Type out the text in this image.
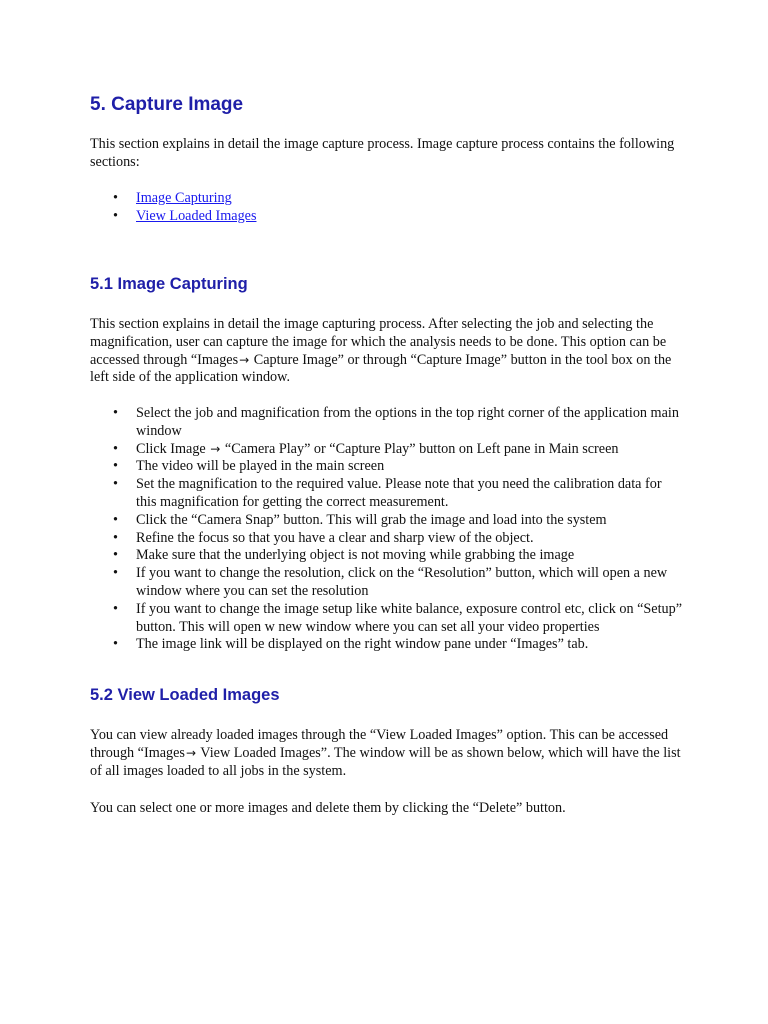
5. Capture Image

This section explains in detail the image capture process. Image capture process contains the following sections:

• Image Capturing
• View Loaded Images
5.1 Image Capturing

This section explains in detail the image capturing process. After selecting the job and selecting the magnification, user can capture the image for which the analysis needs to be done. This option can be accessed through “Images→ Capture Image” or through “Capture Image” button in the tool box on the left side of the application window.

• Select the job and magnification from the options in the top right corner of the application main window
• Click Image → “Camera Play” or “Capture Play” button on Left pane in Main screen
• The video will be played in the main screen
• Set the magnification to the required value. Please note that you need the calibration data for this magnification for getting the correct measurement.
• Click the “Camera Snap” button. This will grab the image and load into the system
• Refine the focus so that you have a clear and sharp view of the object.
• Make sure that the underlying object is not moving while grabbing the image
• If you want to change the resolution, click on the “Resolution” button, which will open a new window where you can set the resolution
• If you want to change the image setup like white balance, exposure control etc, click on “Setup” button. This will open w new window where you can set all your video properties
• The image link will be displayed on the right window pane under “Images” tab.
5.2 View Loaded Images

You can view already loaded images through the “View Loaded Images” option. This can be accessed through “Images→ View Loaded Images”. The window will be as shown below, which will have the list of all images loaded to all jobs in the system.

You can select one or more images and delete them by clicking the “Delete” button.
